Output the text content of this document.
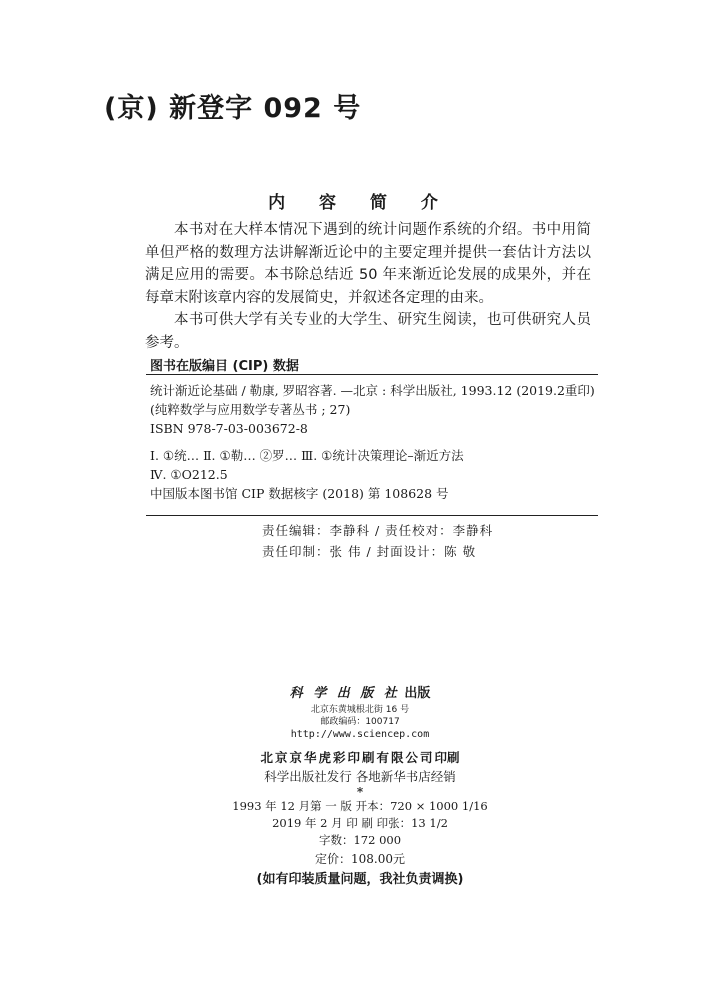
(京) 新登字 092 号
内 容 简 介

本书对在大样本情况下遇到的统计问题作系统的介绍。书中用简单但严格的数理方法讲解渐近论中的主要定理并提供一套估计方法以满足应用的需要。本书除总结近 50 年来渐近论发展的成果外，并在每章末附该章内容的发展简史，并叙述各定理的由来。

本书可供大学有关专业的大学生、研究生阅读，也可供研究人员参考。

图书在版编目 (CIP) 数据
统计渐近论基础 / 勒康, 罗昭容著. —北京 : 科学出版社, 1993.12 (2019.2重印)
(纯粹数学与应用数学专著丛书 ; 27)
ISBN 978-7-03-003672-8
Ⅰ. ①统… Ⅱ. ①勒… ②罗… Ⅲ. ①统计决策理论–渐近方法
Ⅳ. ①O212.5
中国版本图书馆 CIP 数据核字 (2018) 第 108628 号
责任编辑：李静科 / 责任校对：李静科
责任印制：张 伟 / 封面设计：陈 敬
科 学 出 版 社 出版
北京东黄城根北街 16 号
邮政编码：100717
http://www.sciencep.com
北京京华虎彩印刷有限公司印刷
科学出版社发行 各地新华书店经销
*
1993 年 12 月第 一 版 开本：720 × 1000 1/16
2019 年 2 月 印 刷 印张：13 1/2
字数：172 000
定价：108.00元
(如有印装质量问题，我社负责调换)
